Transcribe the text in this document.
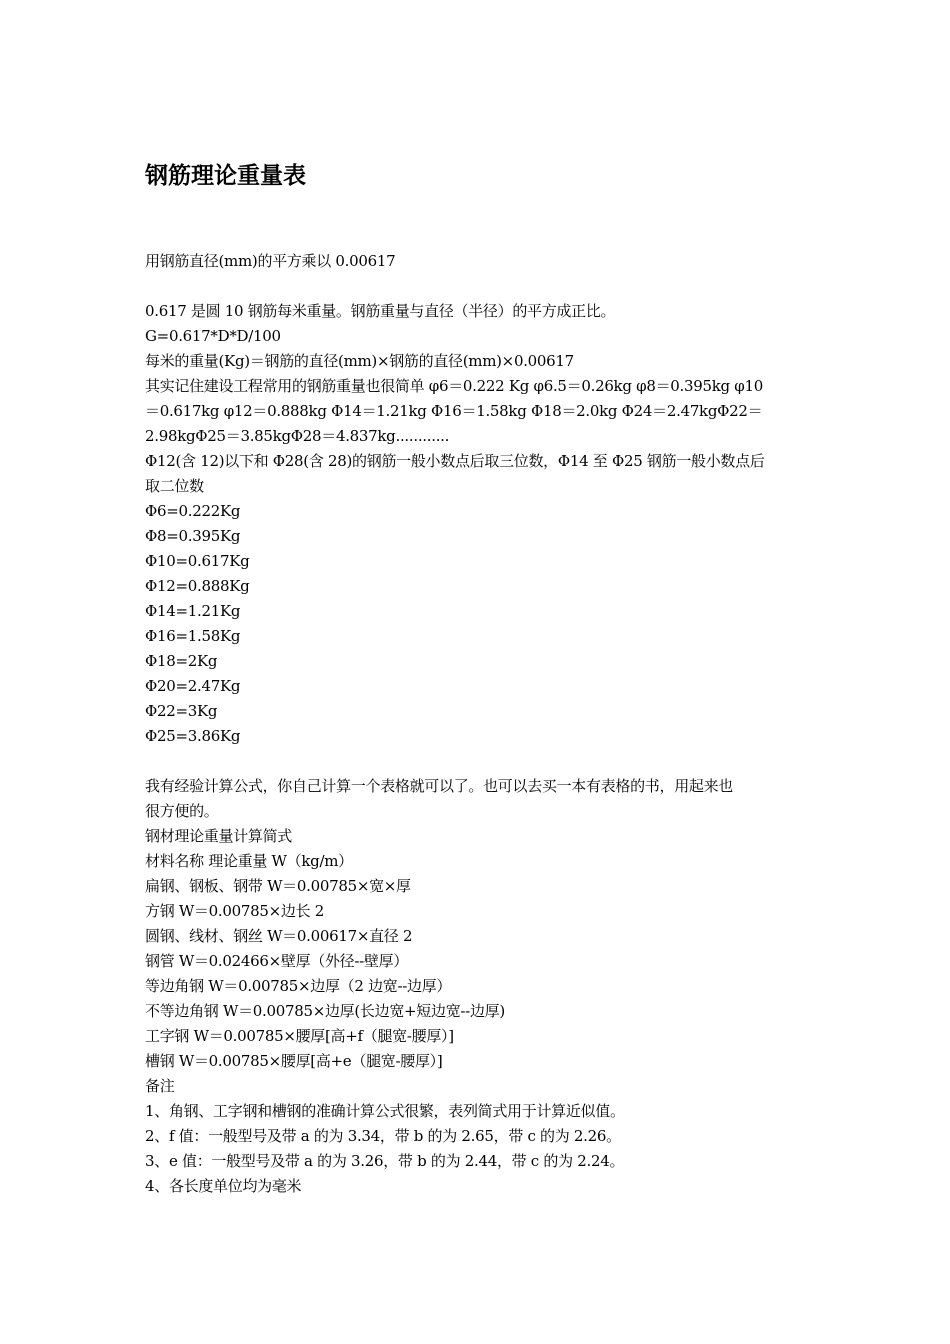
钢筋理论重量表
用钢筋直径(mm)的平方乘以 0.00617
0.617 是圆 10 钢筋每米重量。钢筋重量与直径（半径）的平方成正比。
G=0.617*D*D/100
每米的重量(Kg)＝钢筋的直径(mm)×钢筋的直径(mm)×0.00617
其实记住建设工程常用的钢筋重量也很简单 φ6＝0.222 Kg φ6.5＝0.26kg φ8＝0.395kg φ10
＝0.617kg φ12＝0.888kg Φ14＝1.21kg Φ16＝1.58kg Φ18＝2.0kg Φ24＝2.47kgΦ22＝
2.98kgΦ25＝3.85kgΦ28＝4.837kg............
Φ12(含 12)以下和 Φ28(含 28)的钢筋一般小数点后取三位数，Φ14 至 Φ25 钢筋一般小数点后
取二位数
Φ6=0.222Kg
Φ8=0.395Kg
Φ10=0.617Kg
Φ12=0.888Kg
Φ14=1.21Kg
Φ16=1.58Kg
Φ18=2Kg
Φ20=2.47Kg
Φ22=3Kg
Φ25=3.86Kg
我有经验计算公式，你自己计算一个表格就可以了。也可以去买一本有表格的书，用起来也
很方便的。
钢材理论重量计算简式
材料名称 理论重量 W（kg/m）
扁钢、钢板、钢带 W＝0.00785×宽×厚
方钢 W＝0.00785×边长 2
圆钢、线材、钢丝 W＝0.00617×直径 2
钢管 W＝0.02466×壁厚（外径--壁厚）
等边角钢 W＝0.00785×边厚（2 边宽--边厚）
不等边角钢 W＝0.00785×边厚(长边宽+短边宽--边厚)
工字钢 W＝0.00785×腰厚[高+f（腿宽-腰厚）]
槽钢 W＝0.00785×腰厚[高+e（腿宽-腰厚）]
备注
1、角钢、工字钢和槽钢的准确计算公式很繁，表列简式用于计算近似值。
2、f 值：一般型号及带 a 的为 3.34，带 b 的为 2.65，带 c 的为 2.26。
3、e 值：一般型号及带 a 的为 3.26，带 b 的为 2.44，带 c 的为 2.24。
4、各长度单位均为毫米
